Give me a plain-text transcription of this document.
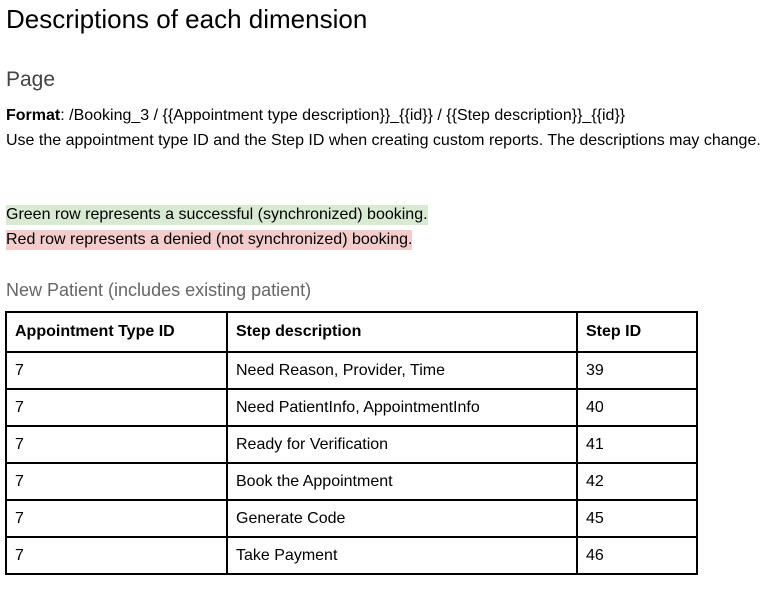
Descriptions of each dimension
Page
Format: /Booking_3 / {{Appointment type description}}_{{id}} / {{Step description}}_{{id}}
Use the appointment type ID and the Step ID when creating custom reports. The descriptions may change.
Green row represents a successful (synchronized) booking.
Red row represents a denied (not synchronized) booking.
New Patient (includes existing patient)
Appointment Type ID	Step description	Step ID
7	Need Reason, Provider, Time	39
7	Need PatientInfo, AppointmentInfo	40
7	Ready for Verification	41
7	Book the Appointment	42
7	Generate Code	45
7	Take Payment	46
